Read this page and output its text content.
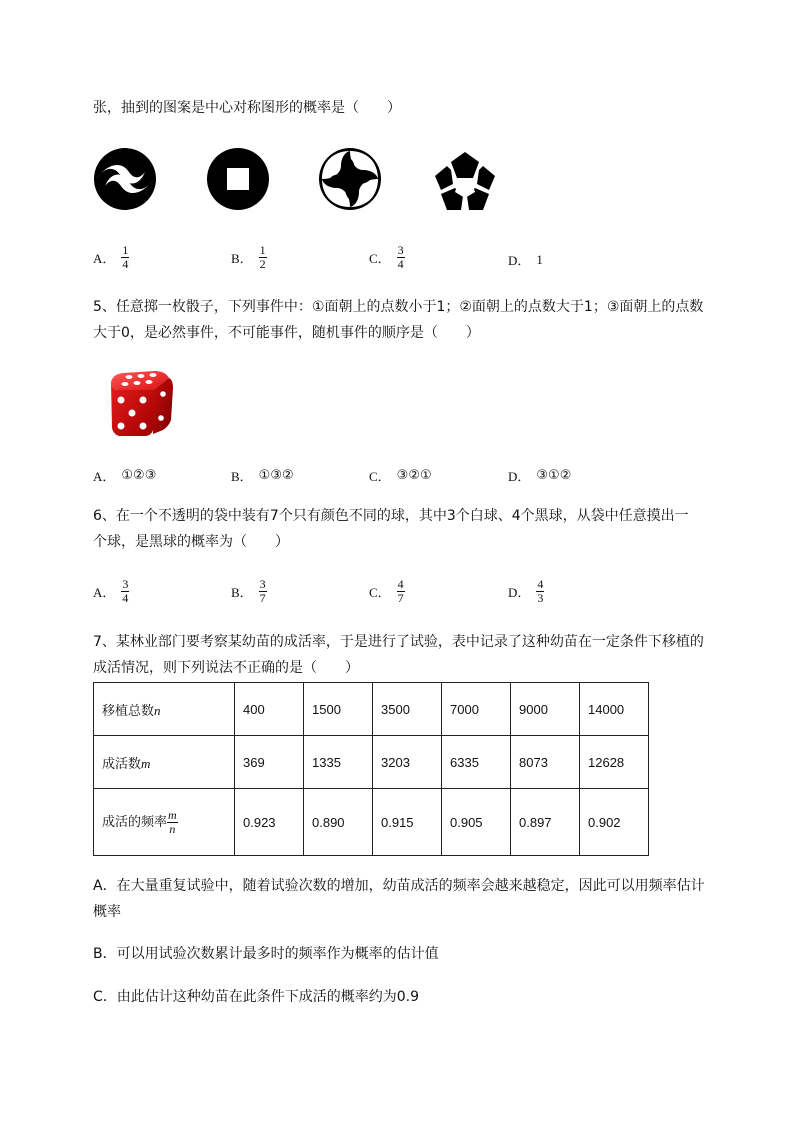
张，抽到的图案是中心对称图形的概率是（　　）
A． $\frac{1}{4}$	B． $\frac{1}{2}$	C． $\frac{3}{4}$	D． 1
5、任意掷一枚骰子，下列事件中：①面朝上的点数小于1；②面朝上的点数大于1；③面朝上的点数
大于0，是必然事件，不可能事件，随机事件的顺序是（　　）
A． ①②③	B． ①③②	C． ③②①	D． ③①②
6、在一个不透明的袋中装有7个只有颜色不同的球，其中3个白球、4个黑球，从袋中任意摸出一
个球，是黑球的概率为（　　）
A． $\frac{3}{4}$	B． $\frac{3}{7}$	C． $\frac{4}{7}$	D． $\frac{4}{3}$
7、某林业部门要考察某幼苗的成活率，于是进行了试验，表中记录了这种幼苗在一定条件下移植的
成活情况，则下列说法不正确的是（　　）
移植总数n	400	1500	3500	7000	9000	14000
成活数m	369	1335	3203	6335	8073	12628
成活的频率 $\frac{m}{n}$	0.923	0.890	0.915	0.905	0.897	0.902
A．在大量重复试验中，随着试验次数的增加，幼苗成活的频率会越来越稳定，因此可以用频率估计
概率
B．可以用试验次数累计最多时的频率作为概率的估计值
C．由此估计这种幼苗在此条件下成活的概率约为0.9
